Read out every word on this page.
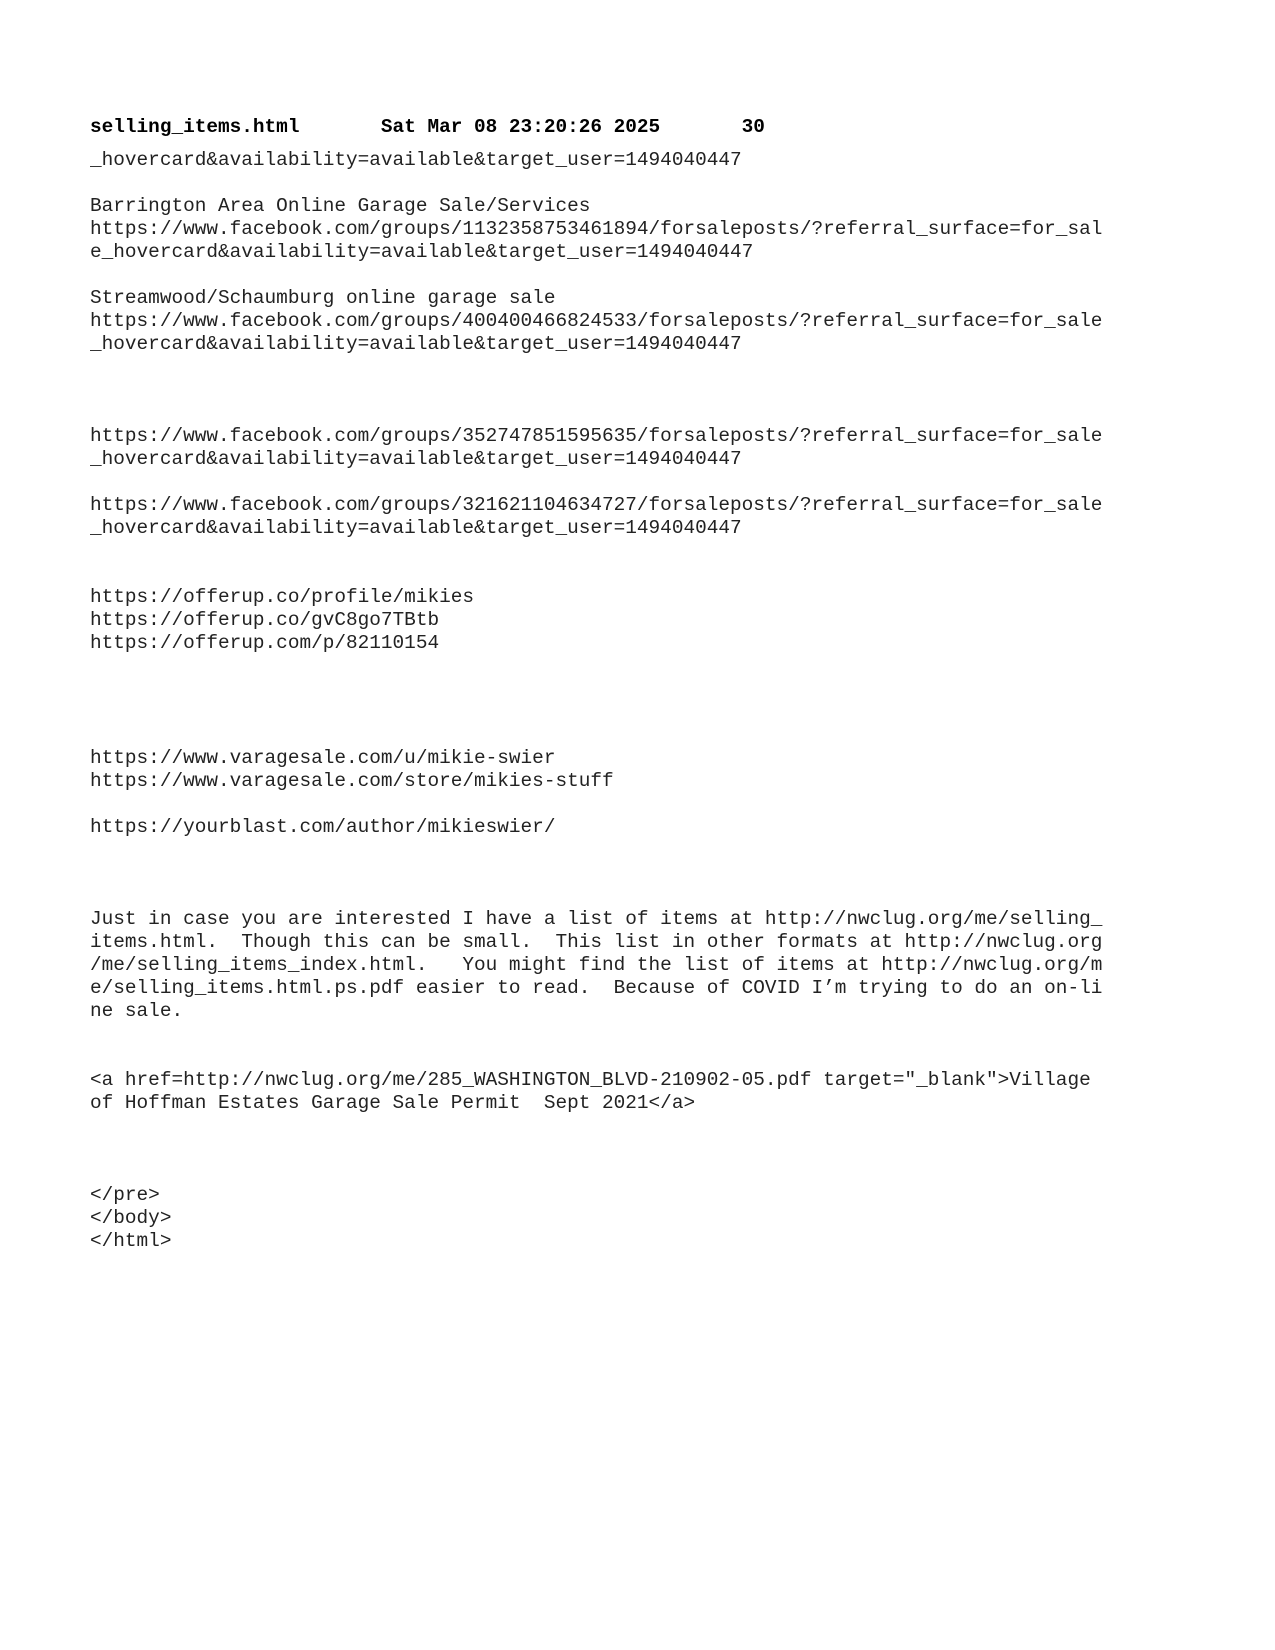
selling_items.html	Sat Mar 08 23:20:26 2025	30
_hovercard&availability=available&target_user=1494040447
Barrington Area Online Garage Sale/Services
https://www.facebook.com/groups/1132358753461894/forsaleposts/?referral_surface=for_sal
e_hovercard&availability=available&target_user=1494040447
Streamwood/Schaumburg online garage sale
https://www.facebook.com/groups/400400466824533/forsaleposts/?referral_surface=for_sale
_hovercard&availability=available&target_user=1494040447
https://www.facebook.com/groups/352747851595635/forsaleposts/?referral_surface=for_sale
_hovercard&availability=available&target_user=1494040447
https://www.facebook.com/groups/321621104634727/forsaleposts/?referral_surface=for_sale
_hovercard&availability=available&target_user=1494040447
https://offerup.co/profile/mikies
https://offerup.co/gvC8go7TBtb
https://offerup.com/p/82110154
https://www.varagesale.com/u/mikie-swier
https://www.varagesale.com/store/mikies-stuff
https://yourblast.com/author/mikieswier/
Just in case you are interested I have a list of items at http://nwclug.org/me/selling_
items.html.  Though this can be small.  This list in other formats at http://nwclug.org
/me/selling_items_index.html.   You might find the list of items at http://nwclug.org/m
e/selling_items.html.ps.pdf easier to read.  Because of COVID I’m trying to do an on-li
ne sale.
<a href=http://nwclug.org/me/285_WASHINGTON_BLVD-210902-05.pdf target="_blank">Village
of Hoffman Estates Garage Sale Permit  Sept 2021</a>
</pre>
</body>
</html>
